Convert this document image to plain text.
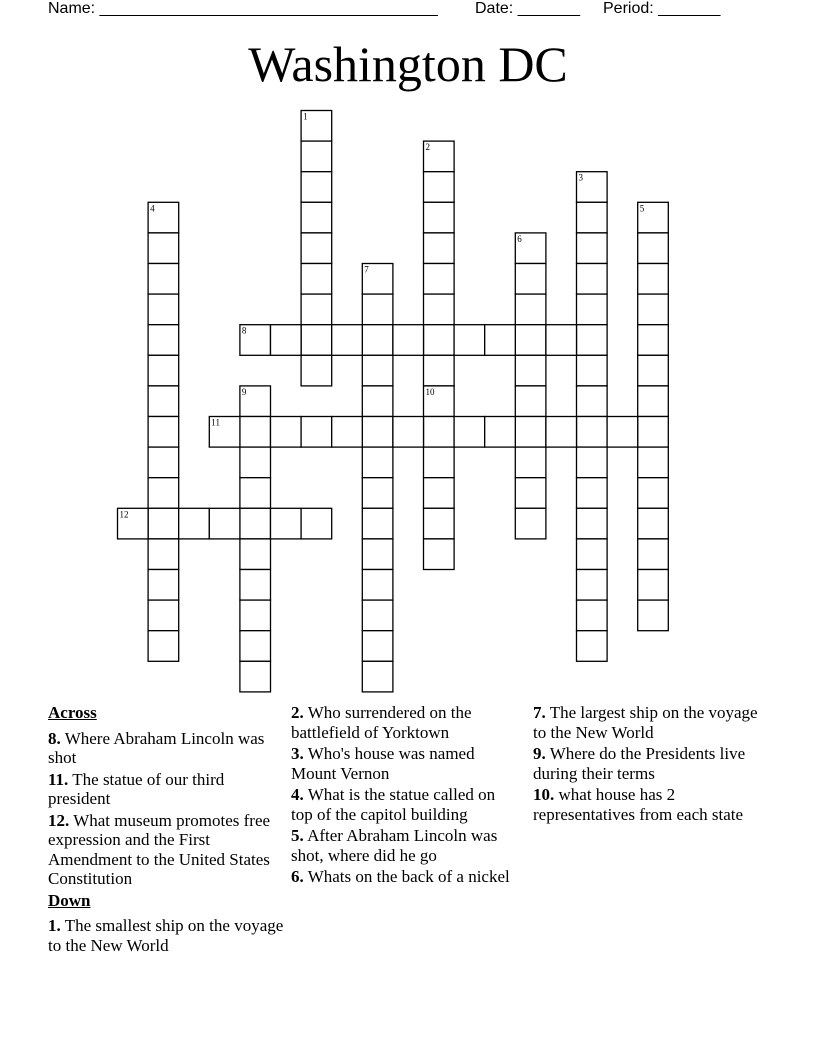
Name: ______________________________________ Date: _______ Period: _______
Washington DC
1
2
3
4	5
6
7
8
9	10
11
12

Across

8. Where Abraham Lincoln was shot

11. The statue of our third president

12. What museum promotes free expression and the First Amendment to the United States Constitution

Down

1. The smallest ship on the voyage to the New World

2. Who surrendered on the battlefield of Yorktown

3. Who's house was named Mount Vernon

4. What is the statue called on top of the capitol building

5. After Abraham Lincoln was shot, where did he go

6. Whats on the back of a nickel

7. The largest ship on the voyage to the New World

9. Where do the Presidents live during their terms

10. what house has 2 representatives from each state
